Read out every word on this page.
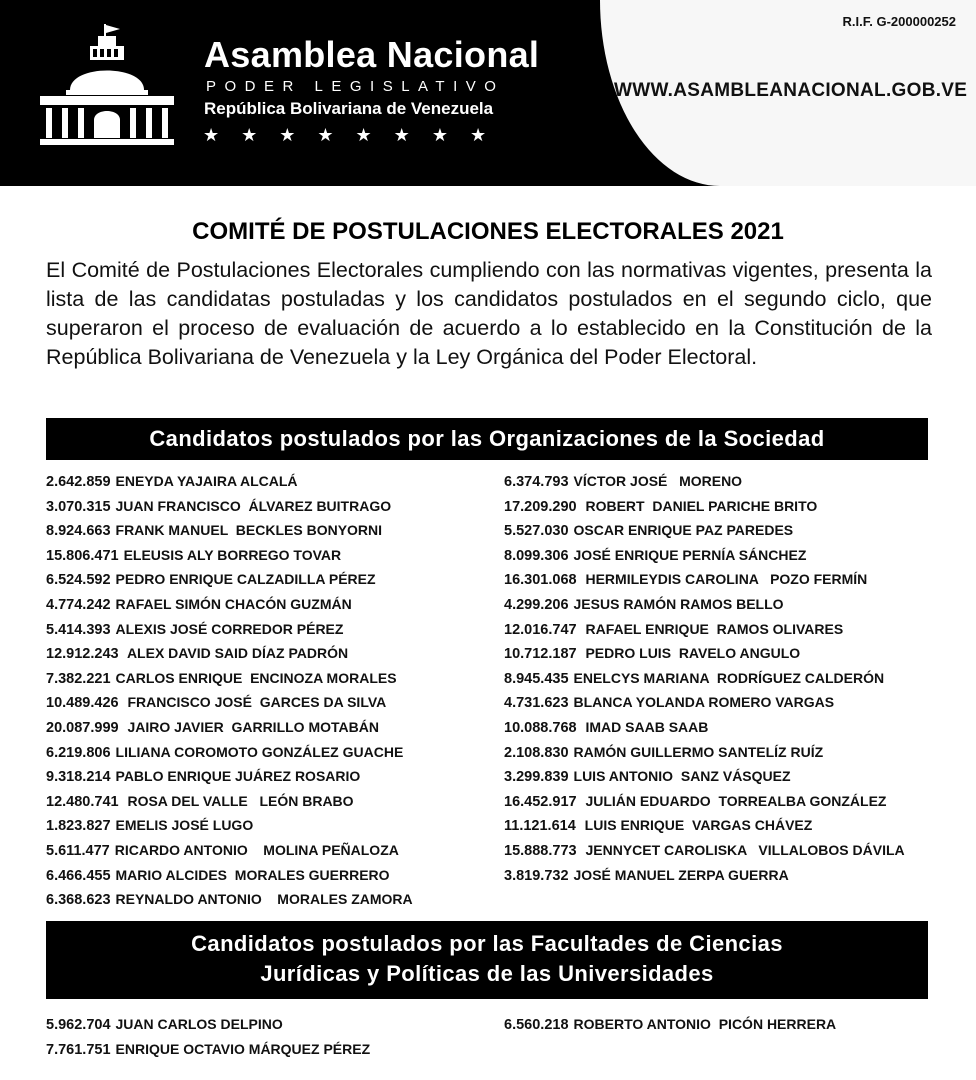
Asamblea Nacional
PODER LEGISLATIVO
República Bolivariana de Venezuela
★★★★★★★★
R.I.F. G-200000252
WWW.ASAMBLEANACIONAL.GOB.VE
COMITÉ DE POSTULACIONES ELECTORALES 2021
El Comité de Postulaciones Electorales cumpliendo con las normativas vigentes, presenta la lista de las candidatas postuladas y los candidatos postulados en el segundo ciclo, que superaron el proceso de evaluación de acuerdo a lo establecido en la Constitución de la República Bolivariana de Venezuela y la Ley Orgánica del Poder Electoral.
Candidatos postulados por las Organizaciones de la Sociedad
2.642.859 ENEYDA YAJAIRA ALCALÁ
3.070.315 JUAN FRANCISCO  ÁLVAREZ BUITRAGO
8.924.663 FRANK MANUEL  BECKLES BONYORNI
15.806.471 ELEUSIS ALY BORREGO TOVAR
6.524.592 PEDRO ENRIQUE CALZADILLA PÉREZ
4.774.242 RAFAEL SIMÓN CHACÓN GUZMÁN
5.414.393 ALEXIS JOSÉ CORREDOR PÉREZ
12.912.243 ALEX DAVID SAID DÍAZ PADRÓN
7.382.221 CARLOS ENRIQUE  ENCINOZA MORALES
10.489.426 FRANCISCO JOSÉ  GARCES DA SILVA
20.087.999 JAIRO JAVIER  GARRILLO MOTABÁN
6.219.806 LILIANA COROMOTO GONZÁLEZ GUACHE
9.318.214 PABLO ENRIQUE JUÁREZ ROSARIO
12.480.741 ROSA DEL VALLE   LEÓN BRABO
1.823.827 EMELIS JOSÉ LUGO
5.611.477 RICARDO ANTONIO    MOLINA PEÑALOZA
6.466.455 MARIO ALCIDES  MORALES GUERRERO
6.368.623 REYNALDO ANTONIO    MORALES ZAMORA
6.374.793 VÍCTOR JOSÉ   MORENO
17.209.290 ROBERT  DANIEL PARICHE BRITO
5.527.030 OSCAR ENRIQUE PAZ PAREDES
8.099.306 JOSÉ ENRIQUE PERNÍA SÁNCHEZ
16.301.068 HERMILEYDIS CAROLINA   POZO FERMÍN
4.299.206 JESUS RAMÓN RAMOS BELLO
12.016.747 RAFAEL ENRIQUE  RAMOS OLIVARES
10.712.187 PEDRO LUIS  RAVELO ANGULO
8.945.435 ENELCYS MARIANA  RODRÍGUEZ CALDERÓN
4.731.623 BLANCA YOLANDA ROMERO VARGAS
10.088.768 IMAD SAAB SAAB
2.108.830 RAMÓN GUILLERMO SANTELÍZ RUÍZ
3.299.839 LUIS ANTONIO  SANZ VÁSQUEZ
16.452.917 JULIÁN EDUARDO  TORREALBA GONZÁLEZ
11.121.614 LUIS ENRIQUE  VARGAS CHÁVEZ
15.888.773 JENNYCET CAROLISKA   VILLALOBOS DÁVILA
3.819.732 JOSÉ MANUEL ZERPA GUERRA
Candidatos postulados por las Facultades de Ciencias
Jurídicas y Políticas de las Universidades
5.962.704 JUAN CARLOS DELPINO
7.761.751 ENRIQUE OCTAVIO MÁRQUEZ PÉREZ
6.560.218 ROBERTO ANTONIO  PICÓN HERRERA
